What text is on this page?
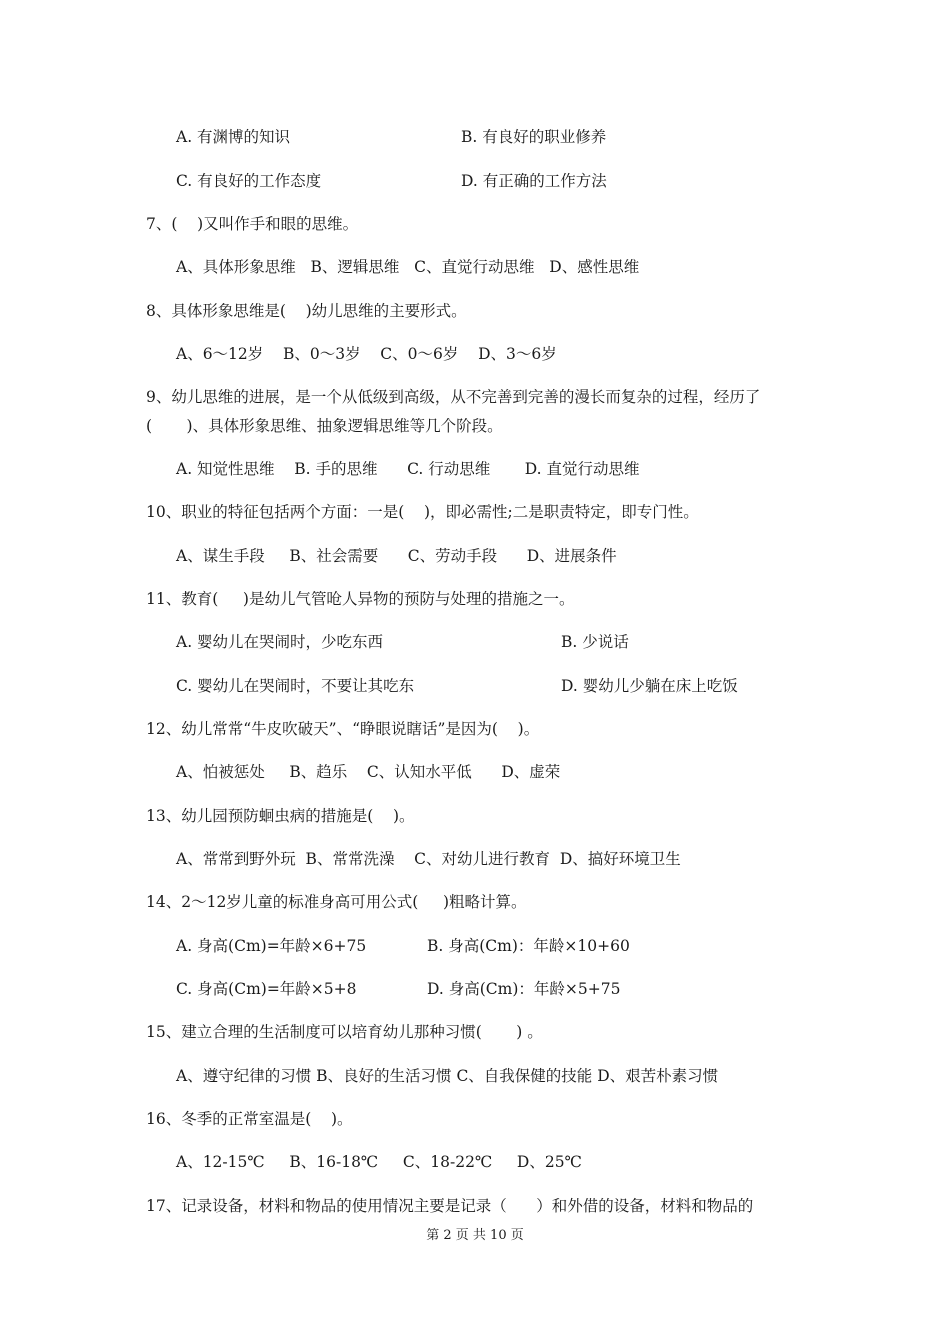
A. 有渊博的知识	B. 有良好的职业修养
C. 有良好的工作态度	D. 有正确的工作方法
7、(    )又叫作手和眼的思维。
A、具体形象思维   B、逻辑思维   C、直觉行动思维   D、感性思维
8、具体形象思维是(    )幼儿思维的主要形式。
A、6～12岁    B、0～3岁    C、0～6岁    D、3～6岁
9、幼儿思维的进展，是一个从低级到高级，从不完善到完善的漫长而复杂的过程，经历了
(       )、具体形象思维、抽象逻辑思维等几个阶段。
A. 知觉性思维    B. 手的思维      C. 行动思维       D. 直觉行动思维
10、职业的特征包括两个方面：一是(    )，即必需性;二是职责特定，即专门性。
A、谋生手段     B、社会需要      C、劳动手段      D、进展条件
11、教育(     )是幼儿气管呛人异物的预防与处理的措施之一。
A. 婴幼儿在哭闹时，少吃东西	B. 少说话
C. 婴幼儿在哭闹时，不要让其吃东	D. 婴幼儿少躺在床上吃饭
12、幼儿常常“牛皮吹破天”、“睁眼说瞎话”是因为(    )。
A、怕被惩处     B、趋乐    C、认知水平低      D、虚荣
13、幼儿园预防蛔虫病的措施是(    )。
A、常常到野外玩  B、常常洗澡    C、对幼儿进行教育  D、搞好环境卫生
14、2～12岁儿童的标准身高可用公式(     )粗略计算。
A. 身高(Cm)=年龄×6+75	B. 身高(Cm)：年龄×10+60
C. 身高(Cm)=年龄×5+8	D. 身高(Cm)：年龄×5+75
15、建立合理的生活制度可以培育幼儿那种习惯(       ) 。
A、遵守纪律的习惯 B、良好的生活习惯 C、自我保健的技能 D、艰苦朴素习惯
16、冬季的正常室温是(    )。
A、12-15℃     B、16-18℃     C、18-22℃     D、25℃
17、记录设备，材料和物品的使用情况主要是记录（      ）和外借的设备，材料和物品的
第 2 页 共 10 页
